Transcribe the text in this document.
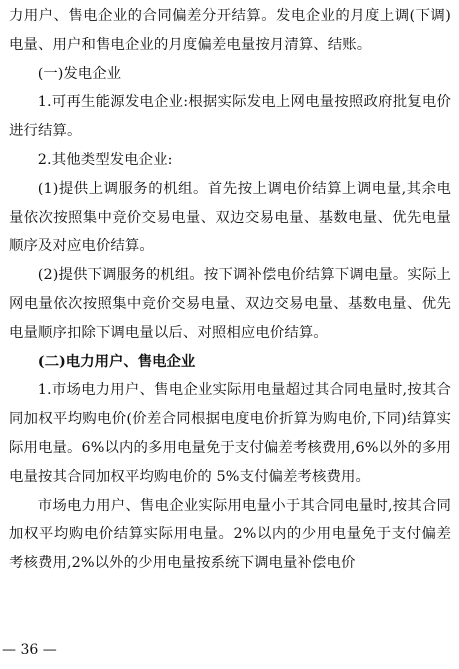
力用户、售电企业的合同偏差分开结算。发电企业的月度上调(下调)电量、用户和售电企业的月度偏差电量按月清算、结账。

(一)发电企业

1.可再生能源发电企业:根据实际发电上网电量按照政府批复电价进行结算。

2.其他类型发电企业:

(1)提供上调服务的机组。首先按上调电价结算上调电量,其余电量依次按照集中竞价交易电量、双边交易电量、基数电量、优先电量顺序及对应电价结算。

(2)提供下调服务的机组。按下调补偿电价结算下调电量。实际上网电量依次按照集中竞价交易电量、双边交易电量、基数电量、优先电量顺序扣除下调电量以后、对照相应电价结算。

(二)电力用户、售电企业

1.市场电力用户、售电企业实际用电量超过其合同电量时,按其合同加权平均购电价(价差合同根据电度电价折算为购电价,下同)结算实际用电量。6%以内的多用电量免于支付偏差考核费用,6%以外的多用电量按其合同加权平均购电价的 5%支付偏差考核费用。

市场电力用户、售电企业实际用电量小于其合同电量时,按其合同加权平均购电价结算实际用电量。2%以内的少用电量免于支付偏差考核费用,2%以外的少用电量按系统下调电量补偿电价

— 36 —
